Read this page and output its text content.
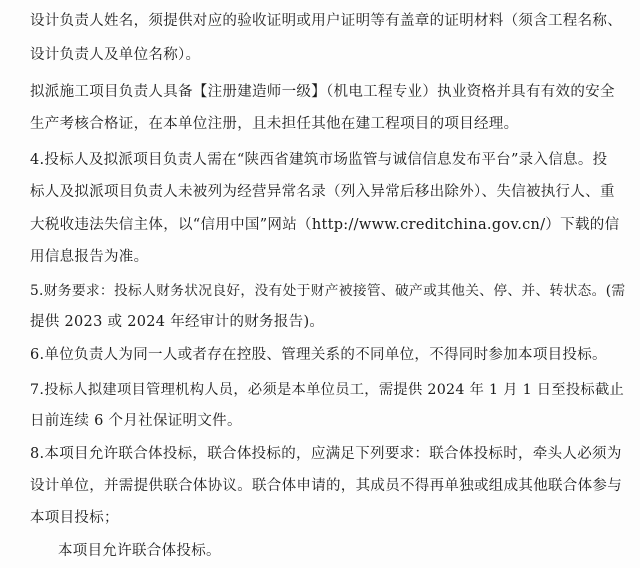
设计负责人姓名，须提供对应的验收证明或用户证明等有盖章的证明材料（须含工程名称、
设计负责人及单位名称）。
拟派施工项目负责人具备【注册建造师一级】（机电工程专业）执业资格并具有有效的安全
生产考核合格证，在本单位注册，且未担任其他在建工程项目的项目经理。
4.投标人及拟派项目负责人需在“陕西省建筑市场监管与诚信信息发布平台”录入信息。投
标人及拟派项目负责人未被列为经营异常名录（列入异常后移出除外）、失信被执行人、重
大税收违法失信主体，以“信用中国”网站（http://www.creditchina.gov.cn/）下载的信
用信息报告为准。
5.财务要求：投标人财务状况良好，没有处于财产被接管、破产或其他关、停、并、转状态。(需
提供 2023 或 2024 年经审计的财务报告)。
6.单位负责人为同一人或者存在控股、管理关系的不同单位，不得同时参加本项目投标。
7.投标人拟建项目管理机构人员，必须是本单位员工，需提供 2024 年 1 月 1 日至投标截止
日前连续 6 个月社保证明文件。
8.本项目允许联合体投标，联合体投标的，应满足下列要求：联合体投标时，牵头人必须为
设计单位，并需提供联合体协议。联合体申请的，其成员不得再单独或组成其他联合体参与
本项目投标；
本项目允许联合体投标。
